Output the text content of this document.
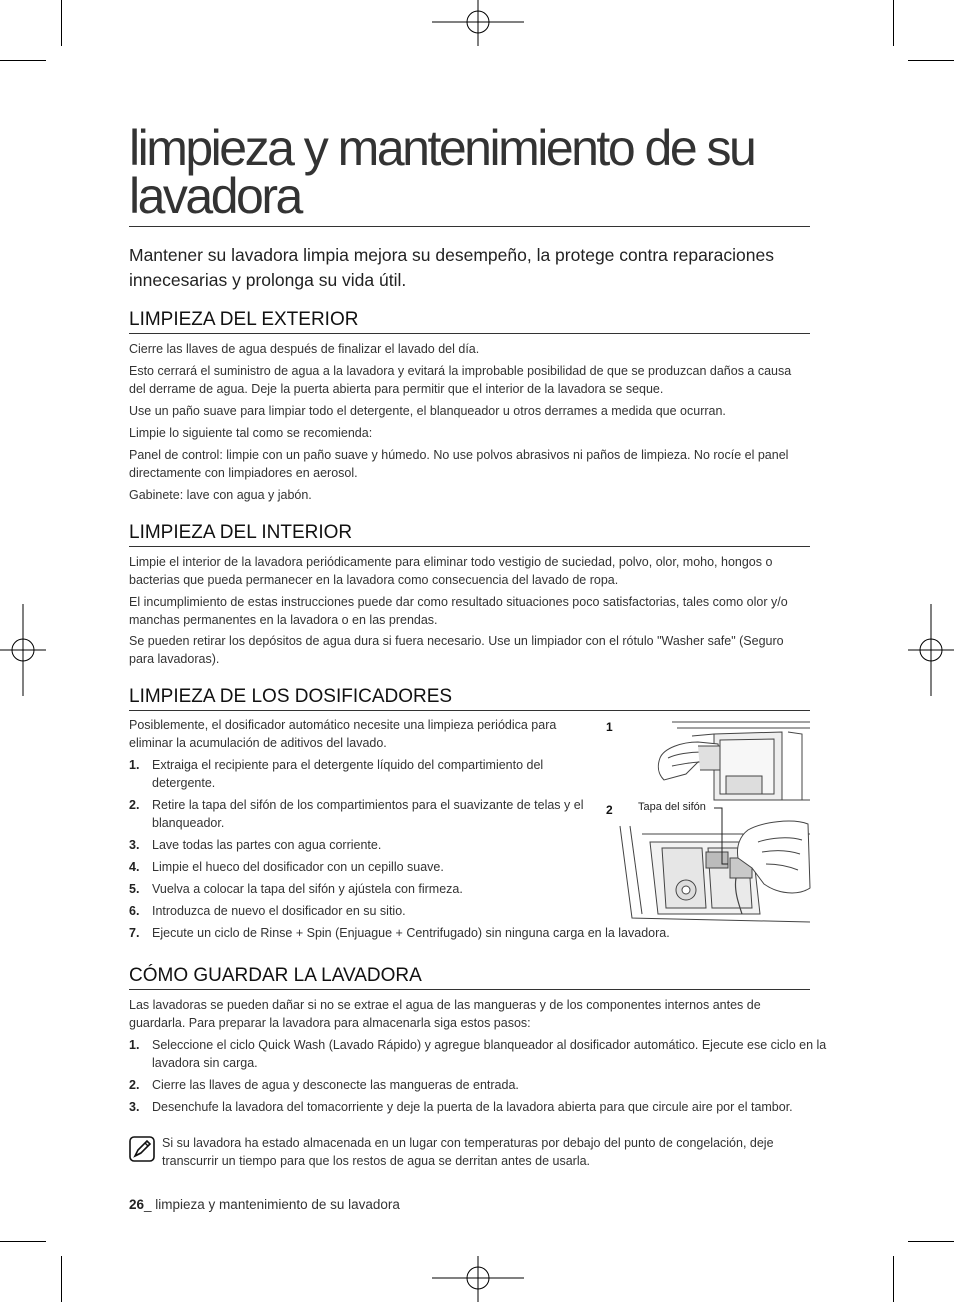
limpieza y mantenimiento de su lavadora

Mantener su lavadora limpia mejora su desempeño, la protege contra reparaciones innecesarias y prolonga su vida útil.

LIMPIEZA DEL EXTERIOR

Cierre las llaves de agua después de finalizar el lavado del día.

Esto cerrará el suministro de agua a la lavadora y evitará la improbable posibilidad de que se produzcan daños a causa del derrame de agua. Deje la puerta abierta para permitir que el interior de la lavadora se seque.

Use un paño suave para limpiar todo el detergente, el blanqueador u otros derrames a medida que ocurran.

Limpie lo siguiente tal como se recomienda:

Panel de control: limpie con un paño suave y húmedo. No use polvos abrasivos ni paños de limpieza. No rocíe el panel directamente con limpiadores en aerosol.

Gabinete: lave con agua y jabón.

LIMPIEZA DEL INTERIOR

Limpie el interior de la lavadora periódicamente para eliminar todo vestigio de suciedad, polvo, olor, moho, hongos o bacterias que pueda permanecer en la lavadora como consecuencia del lavado de ropa.

El incumplimiento de estas instrucciones puede dar como resultado situaciones poco satisfactorias, tales como olor y/o manchas permanentes en la lavadora o en las prendas.

Se pueden retirar los depósitos de agua dura si fuera necesario. Use un limpiador con el rótulo "Washer safe" (Seguro para lavadoras).

LIMPIEZA DE LOS DOSIFICADORES

Posiblemente, el dosificador automático necesite una limpieza periódica para eliminar la acumulación de aditivos del lavado.

1. Extraiga el recipiente para el detergente líquido del compartimiento del detergente.
2. Retire la tapa del sifón de los compartimientos para el suavizante de telas y el blanqueador.
3. Lave todas las partes con agua corriente.
4. Limpie el hueco del dosificador con un cepillo suave.
5. Vuelva a colocar la tapa del sifón y ajústela con firmeza.
6. Introduzca de nuevo el dosificador en su sitio.
7. Ejecute un ciclo de Rinse + Spin (Enjuague + Centrifugado) sin ninguna carga en la lavadora.
1
2 Tapa del sifón
CÓMO GUARDAR LA LAVADORA

Las lavadoras se pueden dañar si no se extrae el agua de las mangueras y de los componentes internos antes de guardarla. Para preparar la lavadora para almacenarla siga estos pasos:

1. Seleccione el ciclo Quick Wash (Lavado Rápido) y agregue blanqueador al dosificador automático. Ejecute ese ciclo en la lavadora sin carga.
2. Cierre las llaves de agua y desconecte las mangueras de entrada.
3. Desenchufe la lavadora del tomacorriente y deje la puerta de la lavadora abierta para que circule aire por el tambor.

Si su lavadora ha estado almacenada en un lugar con temperaturas por debajo del punto de congelación, deje transcurrir un tiempo para que los restos de agua se derritan antes de usarla.

26_ limpieza y mantenimiento de su lavadora
